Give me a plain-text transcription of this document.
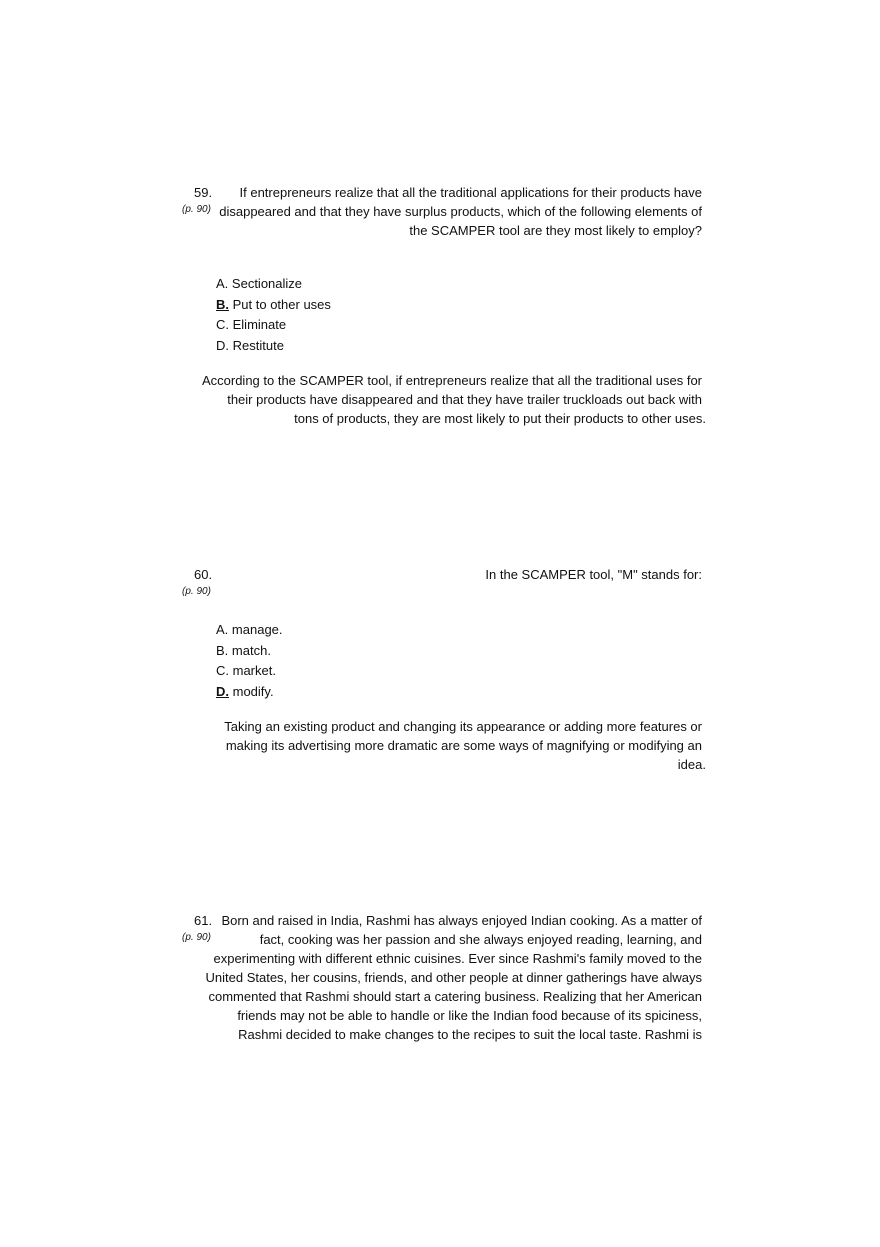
59.
(p. 90)
If entrepreneurs realize that all the traditional applications for their products have
disappeared and that they have surplus products, which of the following elements of
the SCAMPER tool are they most likely to employ?
A. Sectionalize
B. Put to other uses
C. Eliminate
D. Restitute
According to the SCAMPER tool, if entrepreneurs realize that all the traditional uses for
their products have disappeared and that they have trailer truckloads out back with
tons of products, they are most likely to put their products to other uses.
60.
(p. 90)
In the SCAMPER tool, "M" stands for:
A. manage.
B. match.
C. market.
D. modify.
Taking an existing product and changing its appearance or adding more features or
making its advertising more dramatic are some ways of magnifying or modifying an
idea.
61.
(p. 90)
Born and raised in India, Rashmi has always enjoyed Indian cooking. As a matter of
fact, cooking was her passion and she always enjoyed reading, learning, and
experimenting with different ethnic cuisines. Ever since Rashmi's family moved to the
United States, her cousins, friends, and other people at dinner gatherings have always
commented that Rashmi should start a catering business. Realizing that her American
friends may not be able to handle or like the Indian food because of its spiciness,
Rashmi decided to make changes to the recipes to suit the local taste. Rashmi is
